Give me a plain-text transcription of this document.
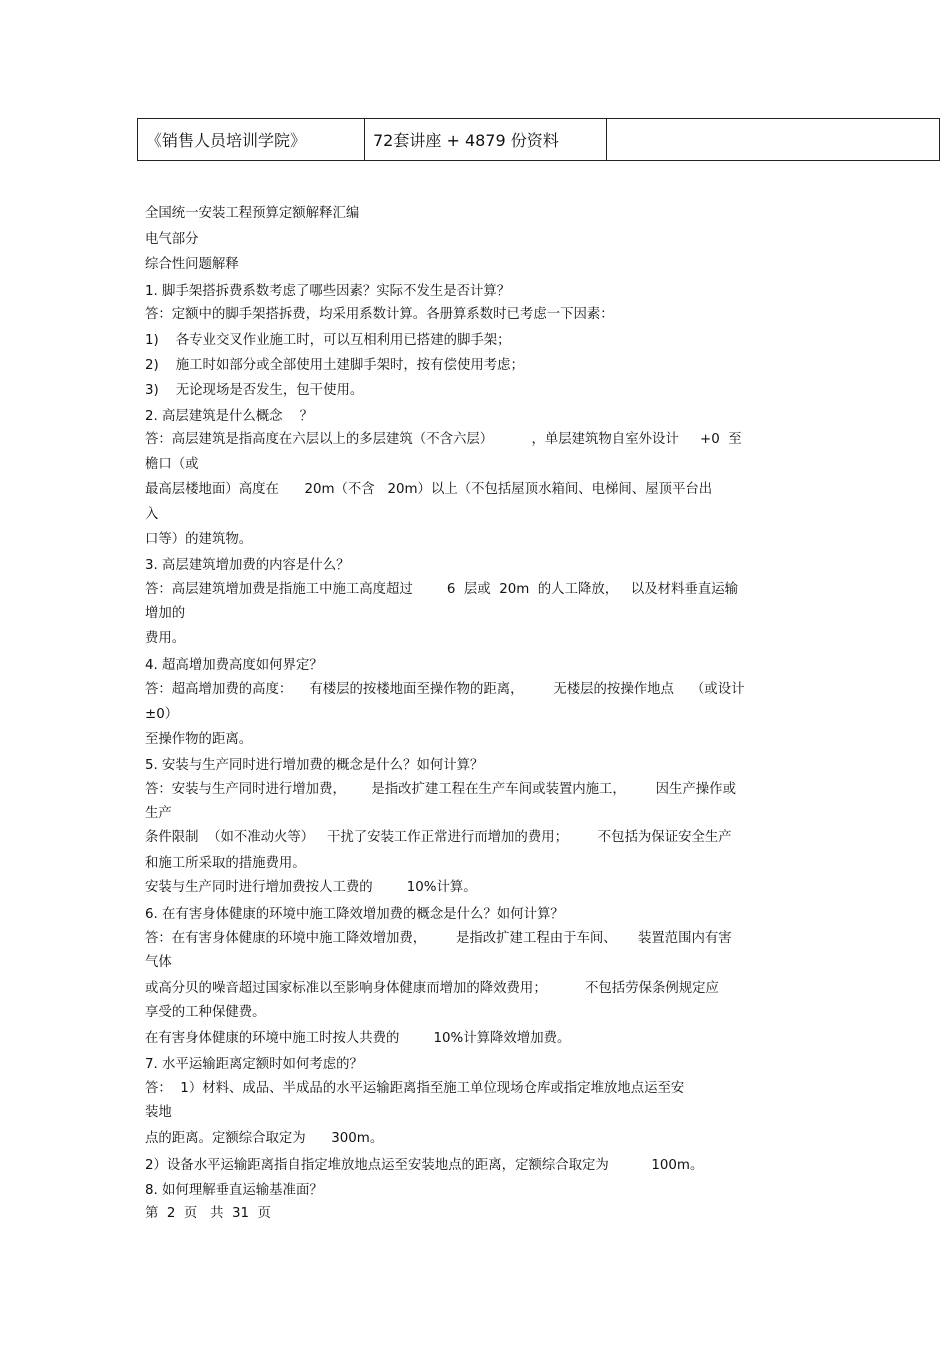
《销售人员培训学院》	72套讲座 + 4879 份资料	
全国统一安装工程预算定额解释汇编
电气部分
综合性问题解释
1. 脚手架搭拆费系数考虑了哪些因素？实际不发生是否计算？
答：定额中的脚手架搭拆费，均采用系数计算。各册算系数时已考虑一下因素：
1)    各专业交叉作业施工时，可以互相利用已搭建的脚手架；
2)    施工时如部分或全部使用土建脚手架时，按有偿使用考虑；
3)    无论现场是否发生，包干使用。
2. 高层建筑是什么概念    ？
答：高层建筑是指高度在六层以上的多层建筑（不含六层）         ，单层建筑物自室外设计     +0  至
檐口（或
最高层楼地面）高度在      20m（不含   20m）以上（不包括屋顶水箱间、电梯间、屋顶平台出
入
口等）的建筑物。
3. 高层建筑增加费的内容是什么？
答：高层建筑增加费是指施工中施工高度超过        6  层或  20m  的人工降放，   以及材料垂直运输
增加的
费用。
4. 超高增加费高度如何界定？
答：超高增加费的高度：    有楼层的按楼地面至操作物的距离，       无楼层的按操作地点    （或设计
±0）
至操作物的距离。
5. 安装与生产同时进行增加费的概念是什么？如何计算？
答：安装与生产同时进行增加费，      是指改扩建工程在生产车间或装置内施工，       因生产操作或
生产
条件限制  （如不准动火等）   干扰了安装工作正常进行而增加的费用；       不包括为保证安全生产
和施工所采取的措施费用。
安装与生产同时进行增加费按人工费的        10%计算。
6. 在有害身体健康的环境中施工降效增加费的概念是什么？如何计算？
答：在有害身体健康的环境中施工降效增加费，       是指改扩建工程由于车间、     装置范围内有害
气体
或高分贝的噪音超过国家标准以至影响身体健康而增加的降效费用；         不包括劳保条例规定应
享受的工种保健费。
在有害身体健康的环境中施工时按人共费的        10%计算降效增加费。
7. 水平运输距离定额时如何考虑的？
答：  1）材料、成品、半成品的水平运输距离指至施工单位现场仓库或指定堆放地点运至安
装地
点的距离。定额综合取定为      300m。
2）设备水平运输距离指自指定堆放地点运至安装地点的距离，定额综合取定为          100m。
8. 如何理解垂直运输基准面？
第  2  页   共  31  页
